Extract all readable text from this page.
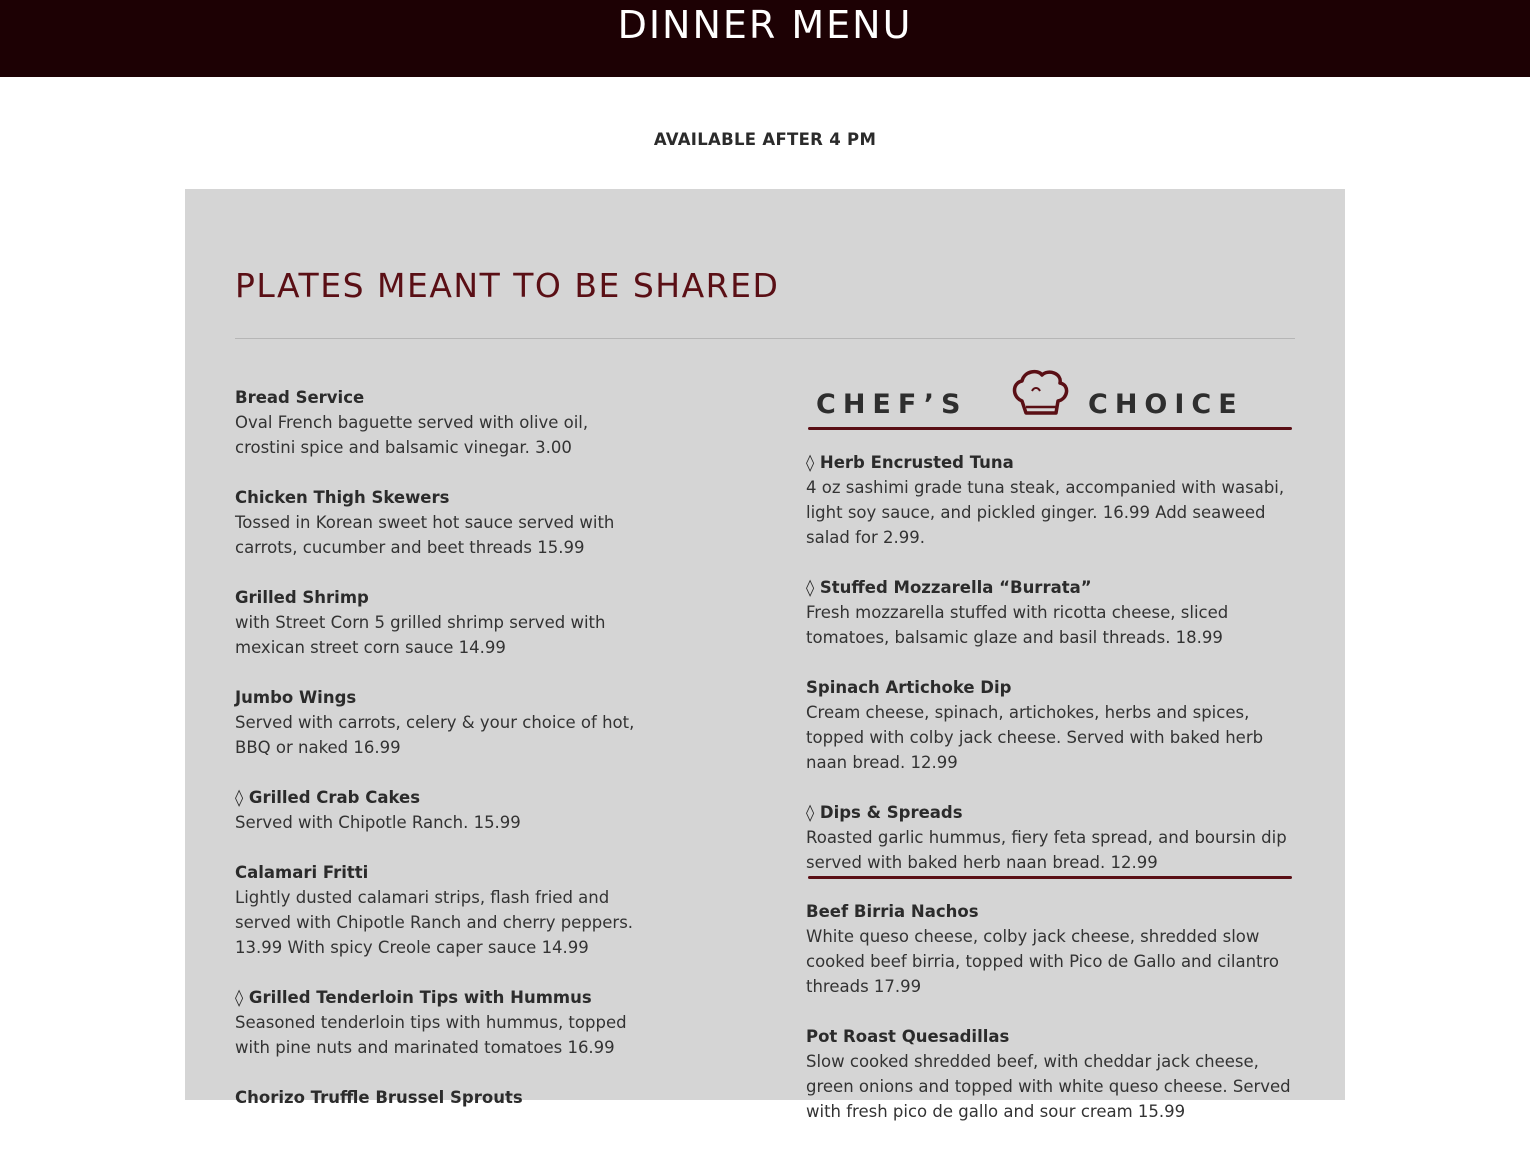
DINNER MENU
AVAILABLE AFTER 4 PM
PLATES MEANT TO BE SHARED
Bread Service
Oval French baguette served with olive oil, crostini spice and balsamic vinegar. 3.00
Chicken Thigh Skewers
Tossed in Korean sweet hot sauce served with carrots, cucumber and beet threads 15.99
Grilled Shrimp
with Street Corn 5 grilled shrimp served with mexican street corn sauce 14.99
Jumbo Wings
Served with carrots, celery & your choice of hot, BBQ or naked 16.99
◊ Grilled Crab Cakes
Served with Chipotle Ranch. 15.99
Calamari Fritti
Lightly dusted calamari strips, flash fried and served with Chipotle Ranch and cherry peppers. 13.99 With spicy Creole caper sauce 14.99
◊ Grilled Tenderloin Tips with Hummus
Seasoned tenderloin tips with hummus, topped with pine nuts and marinated tomatoes 16.99
Chorizo Truffle Brussel Sprouts
CHEF’S	CHOICE
◊ Herb Encrusted Tuna
4 oz sashimi grade tuna steak, accompanied with wasabi, light soy sauce, and pickled ginger. 16.99 Add seaweed salad for 2.99.
◊ Stuffed Mozzarella “Burrata”
Fresh mozzarella stuffed with ricotta cheese, sliced tomatoes, balsamic glaze and basil threads. 18.99
Spinach Artichoke Dip
Cream cheese, spinach, artichokes, herbs and spices, topped with colby jack cheese. Served with baked herb naan bread. 12.99
◊ Dips & Spreads
Roasted garlic hummus, fiery feta spread, and boursin dip served with baked herb naan bread. 12.99
Beef Birria Nachos
White queso cheese, colby jack cheese, shredded slow cooked beef birria, topped with Pico de Gallo and cilantro threads 17.99
Pot Roast Quesadillas
Slow cooked shredded beef, with cheddar jack cheese, green onions and topped with white queso cheese. Served with fresh pico de gallo and sour cream 15.99
